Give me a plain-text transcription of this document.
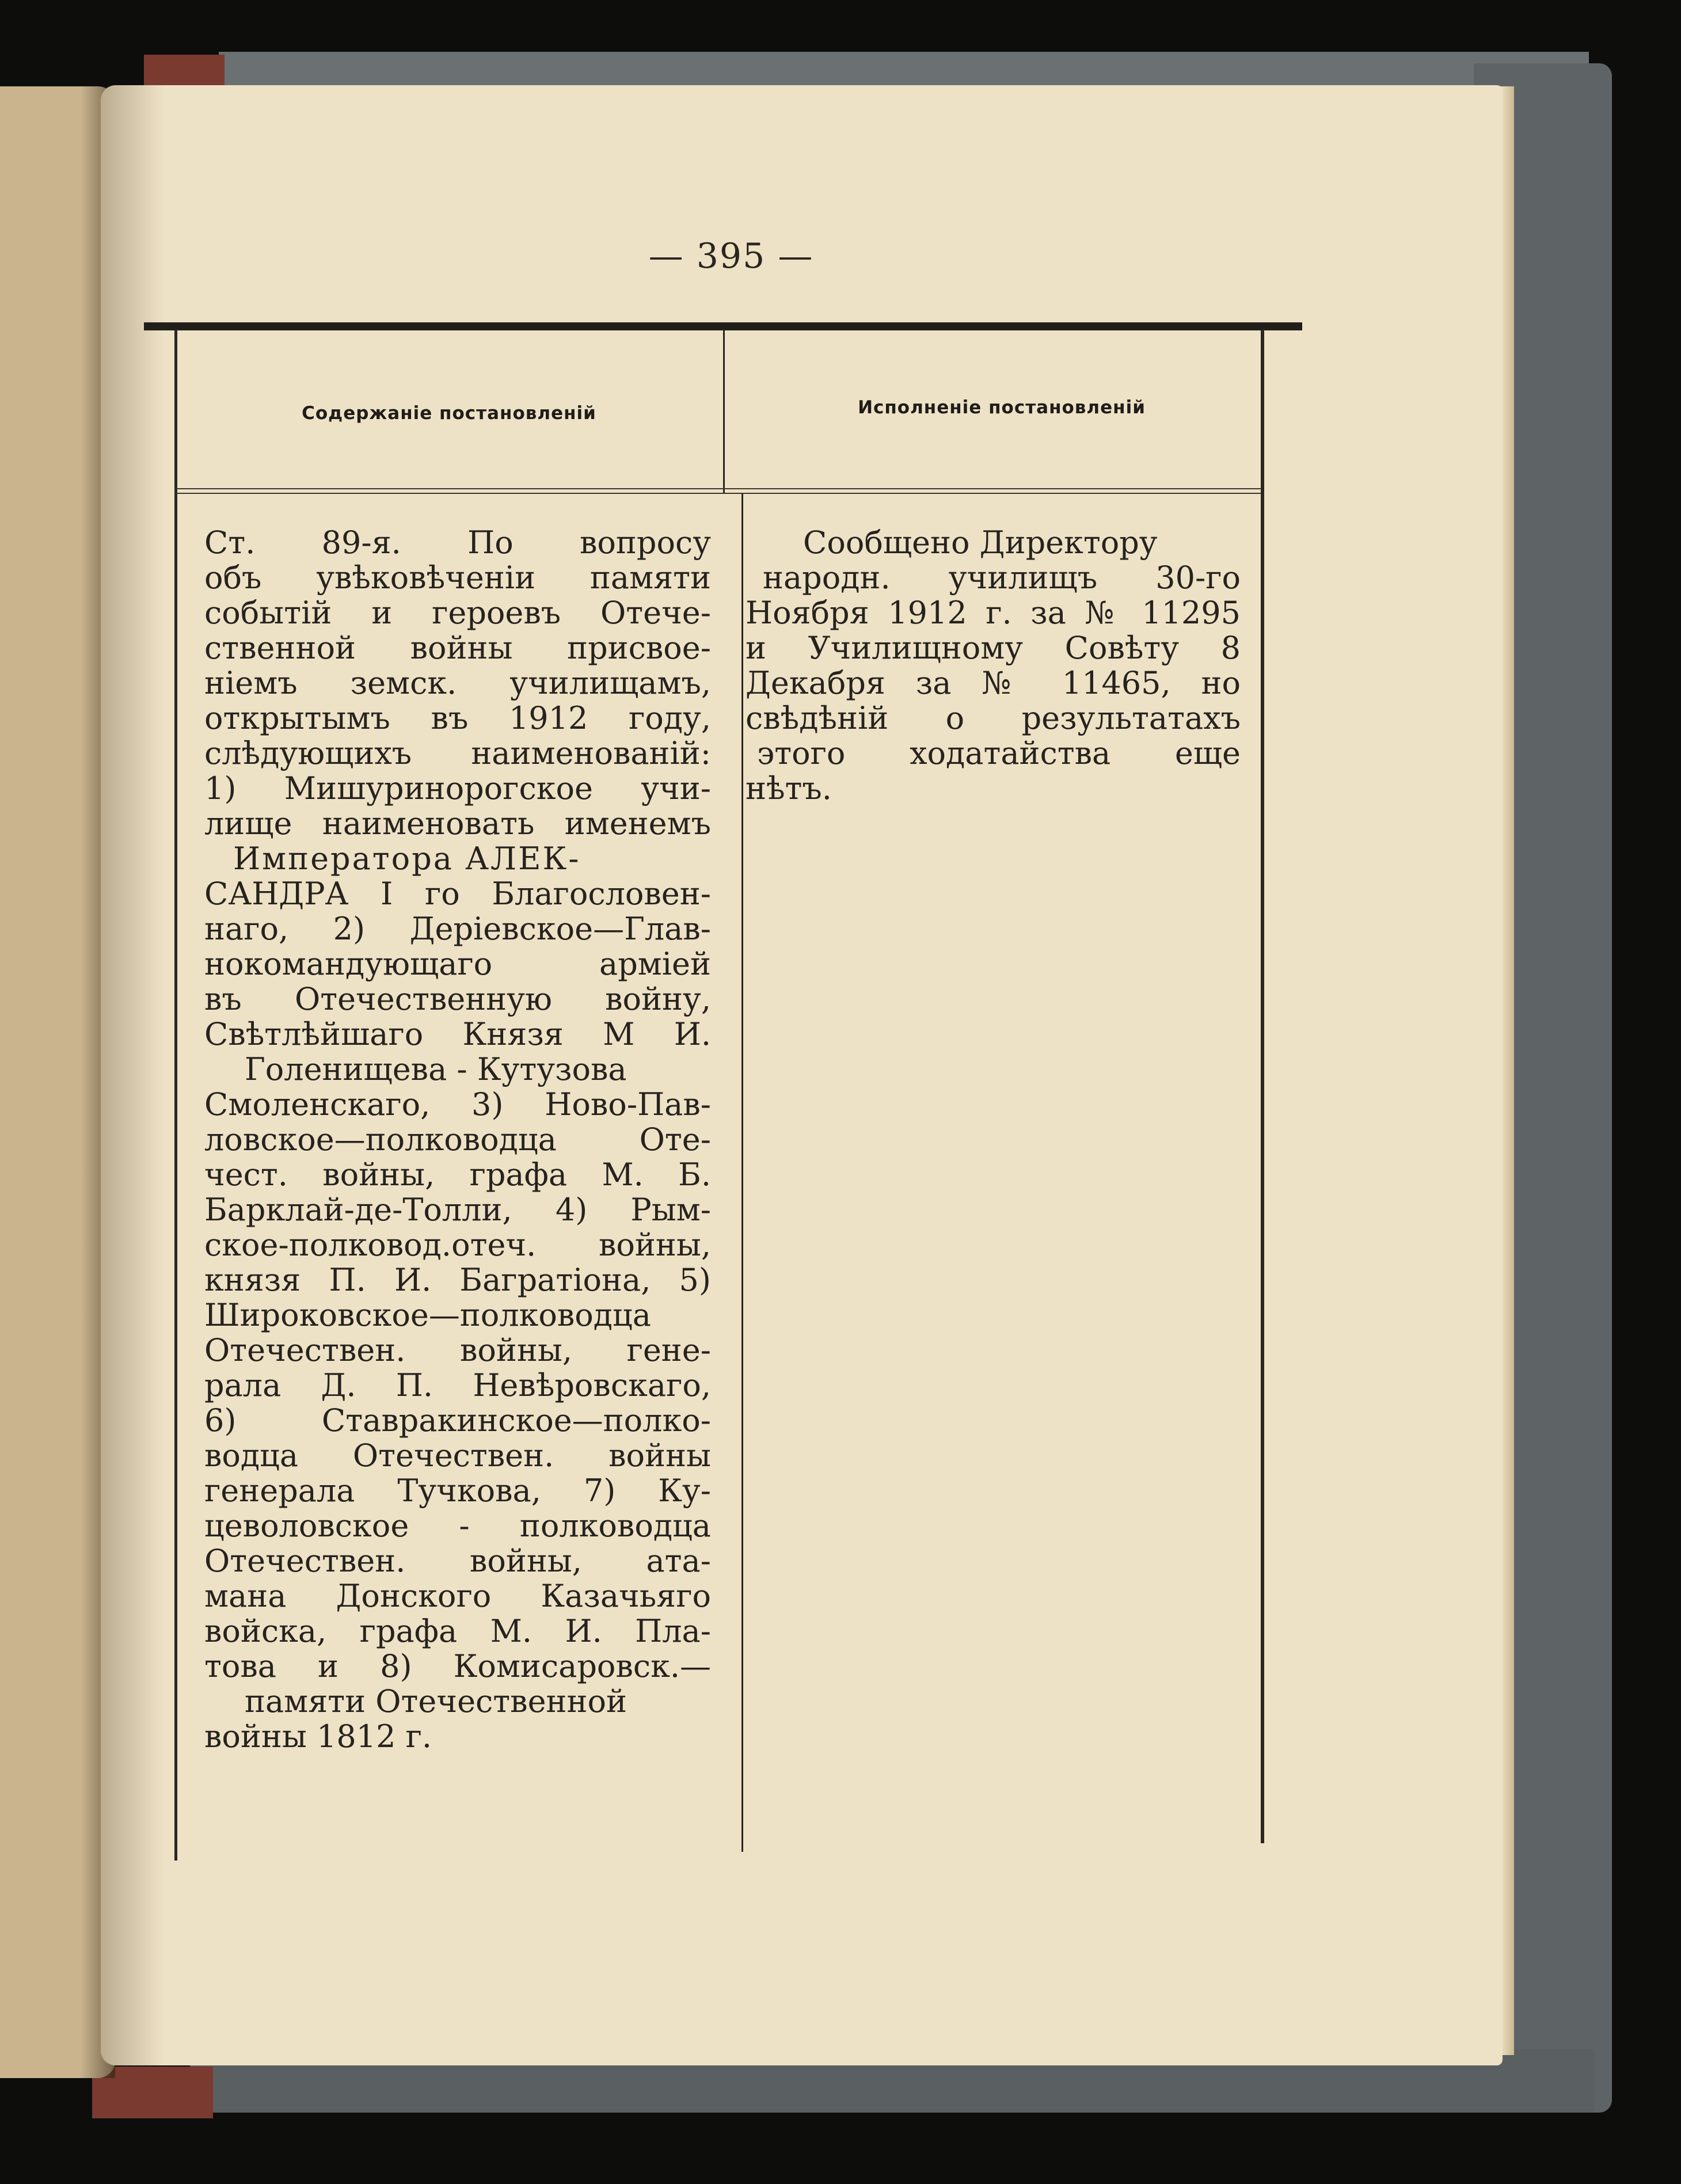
— 395 —
Содержаніе постановленій	Исполненіе постановленій
Ст. 89-я. По вопросу
объ увѣковѣченіи памяти
событій и героевъ Отече-
ственной войны присвое-
ніемъ земск. училищамъ,
открытымъ въ 1912 году,
слѣдующихъ наименованій:
1) Мишуринорогское учи-
лище наименовать именемъ
Императора АЛЕК-
САНДРА I го Благословен-
наго, 2) Деріевское—Глав-
нокомандующаго армiей
въ Отечественную войну,
Свѣтлѣйшаго Князя М И.
Голенищева - Кутузова
Смоленскаго, 3) Ново-Пав-
ловское—полководца Оте-
чест. войны, графа М. Б.
Барклай-де-Толли, 4) Рым-
ское-полковод.отеч. войны,
князя П. И. Багратіона, 5)
Широковское—полководца
Отечествен. войны, гене-
рала Д. П. Невѣровскаго,
6) Ставракинское—полко-
водца Отечествен. войны
генерала Тучкова, 7) Ку-
цеволовское - полководца
Отечествен. войны, ата-
мана Донского Казачьяго
войска, графа М. И. Пла-
това и 8) Комисаровск.—
памяти Отечественной
войны 1812 г.
Сообщено Директору
народн. училищъ 30-го
Ноября 1912 г. за № 11295
и Училищному Совѣту 8
Декабря за № 11465, но
свѣдѣній о результатахъ
этого ходатайства еще
нѣтъ.
